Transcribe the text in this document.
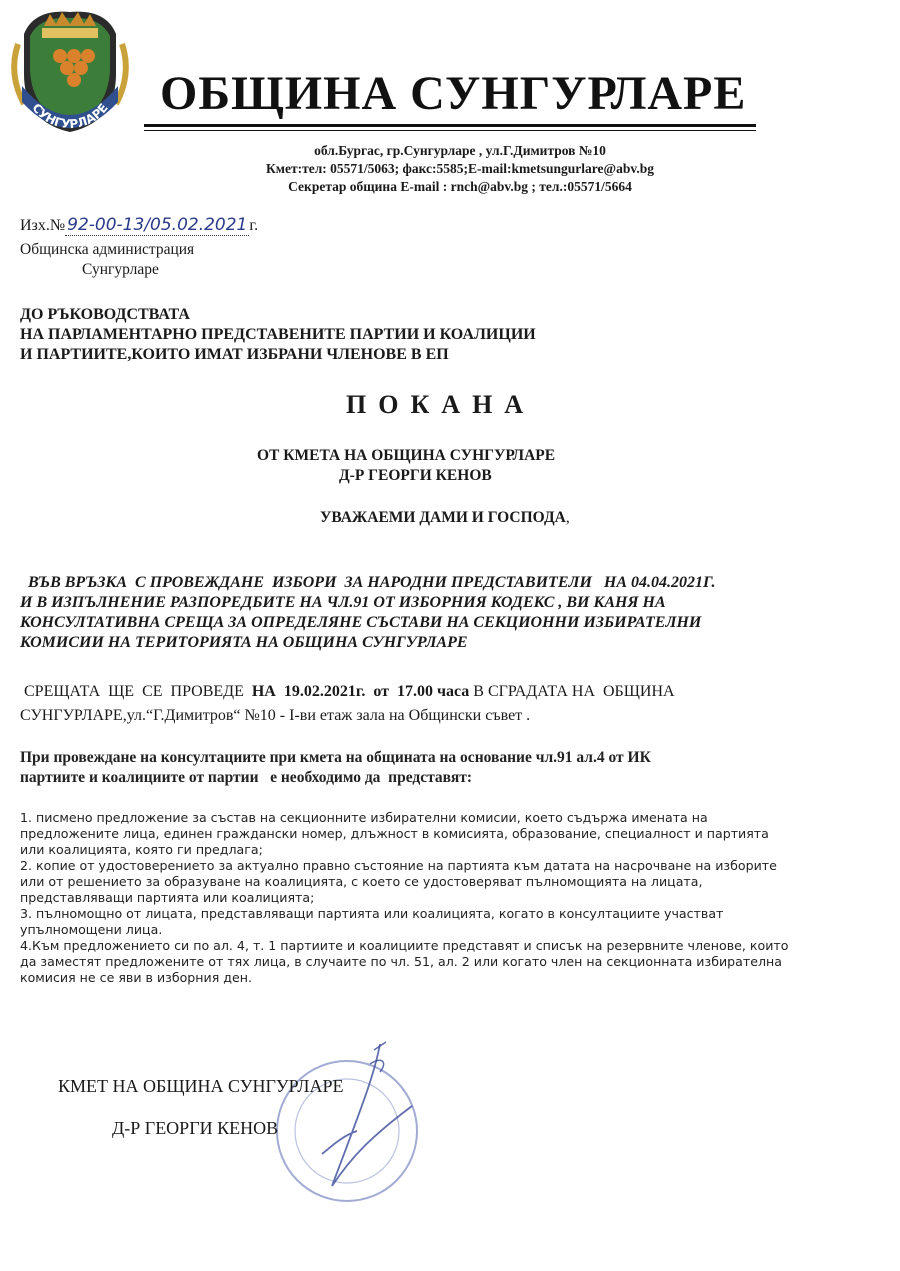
СУНГУРЛАРЕ ОБЩИНА СУНГУРЛАРЕ
обл.Бургас, гр.Сунгурларе , ул.Г.Димитров №10
Кмет:тел: 05571/5063; факс:5585;E-mail:kmetsungurlare@abv.bg
Секретар община E-mail : rnch@abv.bg ; тел.:05571/5664
Изх.№ 92-00-13/05.02.2021 г.
Общинска администрация
Сунгурларе
ДО РЪКОВОДСТВАТА
НА ПАРЛАМЕНТАРНО ПРЕДСТАВЕНИТЕ ПАРТИИ И КОАЛИЦИИ
И ПАРТИИТЕ,КОИТО ИМАТ ИЗБРАНИ ЧЛЕНОВЕ В ЕП
ПОКАНА
ОТ КМЕТА НА ОБЩИНА СУНГУРЛАРЕ
Д-Р ГЕОРГИ КЕНОВ
УВАЖАЕМИ ДАМИ И ГОСПОДА,
ВЪВ ВРЪЗКА  С ПРОВЕЖДАНЕ  ИЗБОРИ  ЗА НАРОДНИ ПРЕДСТАВИТЕЛИ   НА 04.04.2021Г.
И В ИЗПЪЛНЕНИЕ РАЗПОРЕДБИТЕ НА ЧЛ.91 ОТ ИЗБОРНИЯ КОДЕКС , ВИ КАНЯ НА
КОНСУЛТАТИВНА СРЕЩА ЗА ОПРЕДЕЛЯНЕ СЪСТАВИ НА СЕКЦИОННИ ИЗБИРАТЕЛНИ
КОМИСИИ НА ТЕРИТОРИЯТА НА ОБЩИНА СУНГУРЛАРЕ
СРЕЩАТА  ЩЕ  СЕ  ПРОВЕДЕ  НА  19.02.2021г.  от  17.00 часа В СГРАДАТА НА  ОБЩИНА
СУНГУРЛАРЕ,ул.“Г.Димитров“ №10 - I-ви етаж зала на Общински съвет .
При провеждане на консултациите при кмета на общината на основание чл.91 ал.4 от ИК
партиите и коалициите от партии   е необходимо да  представят:
1. писмено предложение за състав на секционните избирателни комисии, което съдържа имената на
предложените лица, единен граждански номер, длъжност в комисията, образование, специалност и партията
или коалицията, която ги предлага;
2. копие от удостоверението за актуално правно състояние на партията към датата на насрочване на изборите
или от решението за образуване на коалицията, с което се удостоверяват пълномощията на лицата,
представляващи партията или коалицията;
3. пълномощно от лицата, представляващи партията или коалицията, когато в консултациите участват
упълномощени лица.
4.Към предложението си по ал. 4, т. 1 партиите и коалициите представят и списък на резервните членове, които
да заместят предложените от тях лица, в случаите по чл. 51, ал. 2 или когато член на секционната избирателна
комисия не се яви в изборния ден.
КМЕТ НА ОБЩИНА СУНГУРЛАРЕ
Д-Р ГЕОРГИ КЕНОВ
